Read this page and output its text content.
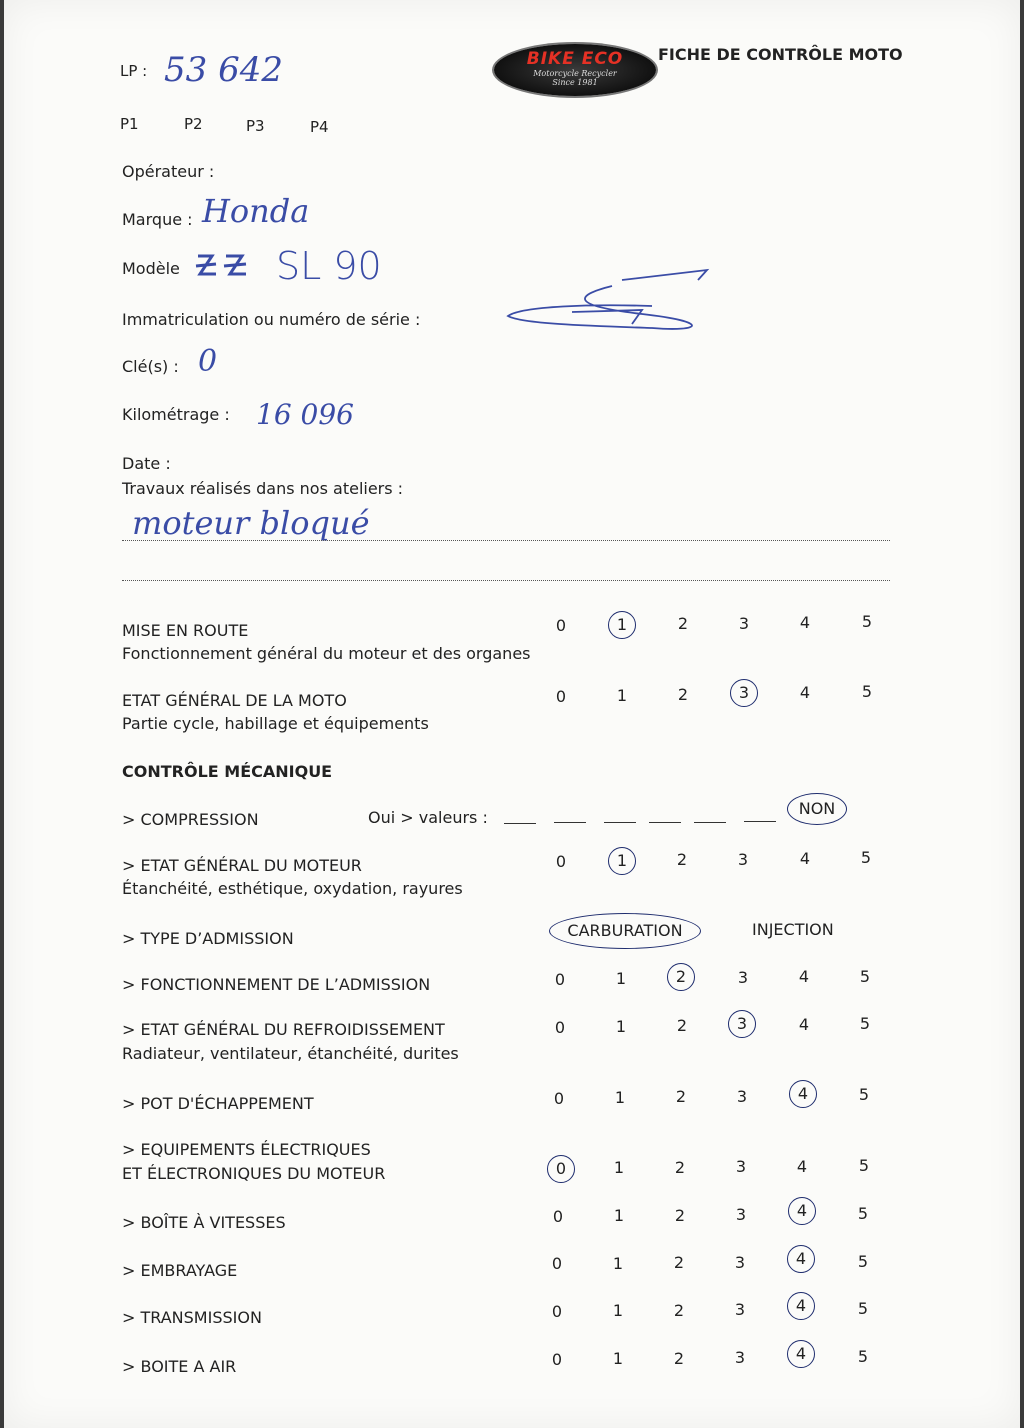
LP : 53 642	BIKE ECO
Motorcycle Recycler
Since 1981
FICHE DE CONTRÔLE MOTO
P1	P2	P3	P4
Opérateur :
Marque : Honda
Modèle	SL 90
Immatriculation ou numéro de série :
Clé(s) : 0
Kilométrage : 16 096
Date :
Travaux réalisés dans nos ateliers :
moteur bloqué
MISE EN ROUTE
Fonctionnement général du moteur et des organes
0	1	2	3	4	5
ETAT GÉNÉRAL DE LA MOTO
Partie cycle, habillage et équipements
0	1	2	3	4	5
CONTRÔLE MÉCANIQUE
> COMPRESSION	Oui > valeurs :	NON
> ETAT GÉNÉRAL DU MOTEUR
Étanchéité, esthétique, oxydation, rayures
0	1	2	3	4	5
> TYPE D’ADMISSION	CARBURATION	INJECTION
> FONCTIONNEMENT DE L’ADMISSION	0	1	2	3	4	5
> ETAT GÉNÉRAL DU REFROIDISSEMENT
Radiateur, ventilateur, étanchéité, durites
0	1	2	3	4	5
> POT D'ÉCHAPPEMENT	0	1	2	3	4	5
> EQUIPEMENTS ÉLECTRIQUES
ET ÉLECTRONIQUES DU MOTEUR	0	1	2	3	4	5
> BOÎTE À VITESSES	0	1	2	3	4	5
> EMBRAYAGE	0	1	2	3	4	5
> TRANSMISSION	0	1	2	3	4	5
> BOITE A AIR	0	1	2	3	4	5
